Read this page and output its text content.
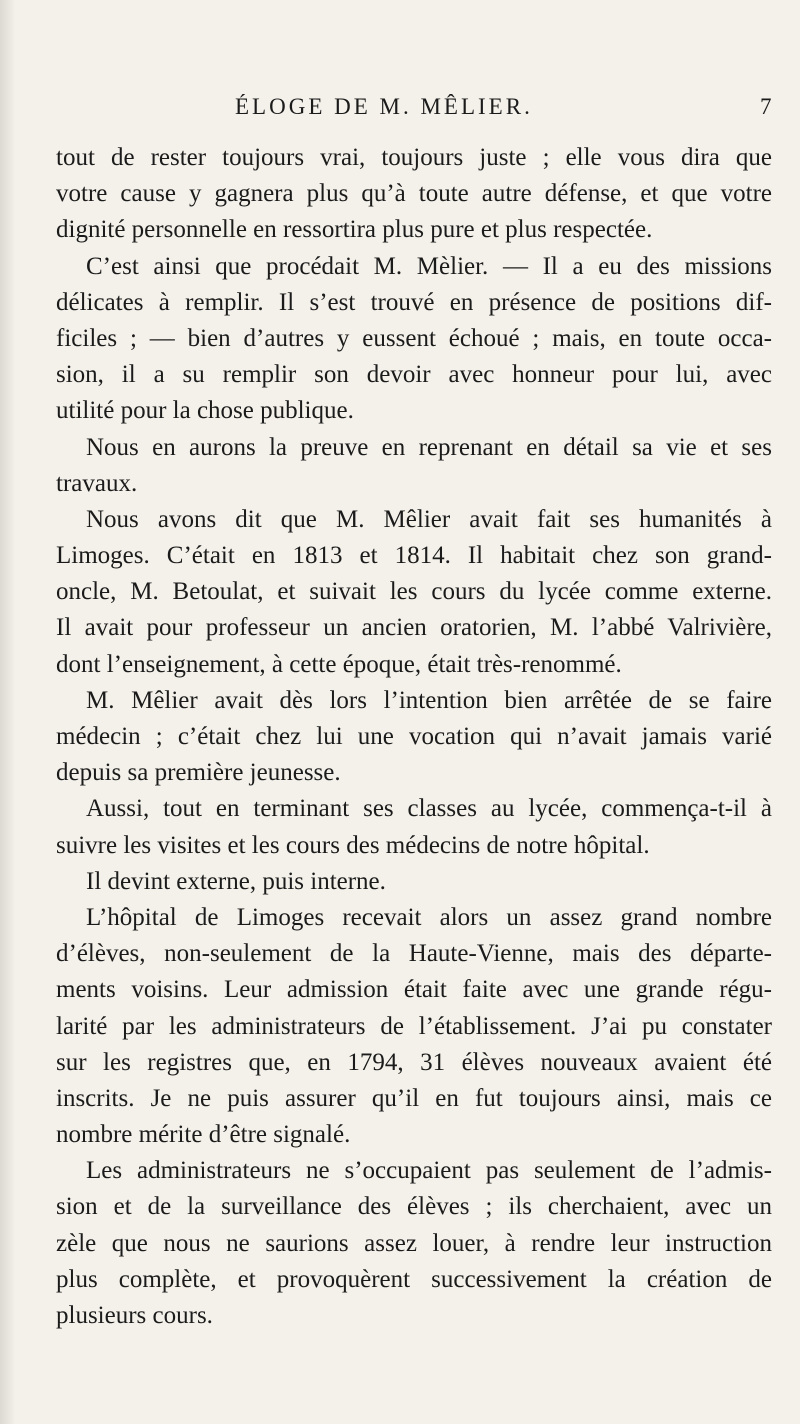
ÉLOGE DE M. MÊLIER.	7
tout de rester toujours vrai, toujours juste ; elle vous dira que
votre cause y gagnera plus qu’à toute autre défense, et que votre
dignité personnelle en ressortira plus pure et plus respectée.
C’est ainsi que procédait M. Mèlier. — Il a eu des missions
délicates à remplir. Il s’est trouvé en présence de positions dif-
ficiles ; — bien d’autres y eussent échoué ; mais, en toute occa-
sion, il a su remplir son devoir avec honneur pour lui, avec
utilité pour la chose publique.
Nous en aurons la preuve en reprenant en détail sa vie et ses
travaux.
Nous avons dit que M. Mêlier avait fait ses humanités à
Limoges. C’était en 1813 et 1814. Il habitait chez son grand-
oncle, M. Betoulat, et suivait les cours du lycée comme externe.
Il avait pour professeur un ancien oratorien, M. l’abbé Valrivière,
dont l’enseignement, à cette époque, était très-renommé.
M. Mêlier avait dès lors l’intention bien arrêtée de se faire
médecin ; c’était chez lui une vocation qui n’avait jamais varié
depuis sa première jeunesse.
Aussi, tout en terminant ses classes au lycée, commença-t-il à
suivre les visites et les cours des médecins de notre hôpital.
Il devint externe, puis interne.
L’hôpital de Limoges recevait alors un assez grand nombre
d’élèves, non-seulement de la Haute-Vienne, mais des départe-
ments voisins. Leur admission était faite avec une grande régu-
larité par les administrateurs de l’établissement. J’ai pu constater
sur les registres que, en 1794, 31 élèves nouveaux avaient été
inscrits. Je ne puis assurer qu’il en fut toujours ainsi, mais ce
nombre mérite d’être signalé.
Les administrateurs ne s’occupaient pas seulement de l’admis-
sion et de la surveillance des élèves ; ils cherchaient, avec un
zèle que nous ne saurions assez louer, à rendre leur instruction
plus complète, et provoquèrent successivement la création de
plusieurs cours.
